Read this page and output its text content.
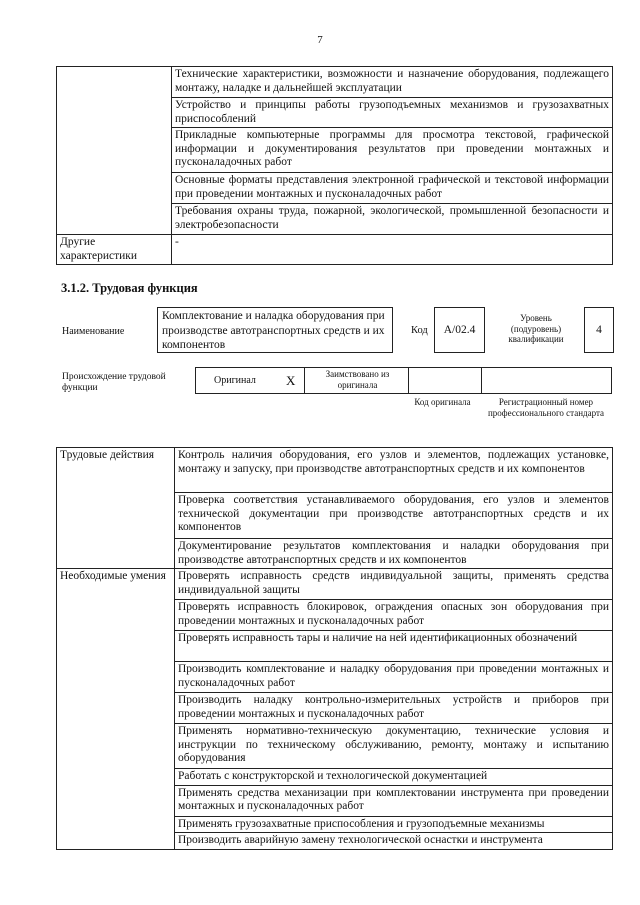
7
	Технические характеристики, возможности и назначение оборудования, подлежащего монтажу, наладке и дальнейшей эксплуатации
	Устройство и принципы работы грузоподъемных механизмов и грузозахватных приспособлений
	Прикладные компьютерные программы для просмотра текстовой, графической информации и документирования результатов при проведении монтажных и пусконаладочных работ
	Основные форматы представления электронной графической и текстовой информации при проведении монтажных и пусконаладочных работ
	Требования охраны труда, пожарной, экологической, промышленной безопасности и электробезопасности
Другие характеристики	-
3.1.2. Трудовая функция
Наименование
Комплектование и наладка оборудования при производстве автотранспортных средств и их компонентов
Код A/02.4
Уровень (подуровень) квалификации
4
Происхождение трудовой функции
Оригинал X	Заимствовано из оригинала
Код оригинала	Регистрационный номер профессионального стандарта
Трудовые действия	Контроль наличия оборудования, его узлов и элементов, подлежащих установке, монтажу и запуску, при производстве автотранспортных средств и их компонентов
	Проверка соответствия устанавливаемого оборудования, его узлов и элементов технической документации при производстве автотранспортных средств и их компонентов
	Документирование результатов комплектования и наладки оборудования при производстве автотранспортных средств и их компонентов
Необходимые умения	Проверять исправность средств индивидуальной защиты, применять средства индивидуальной защиты
	Проверять исправность блокировок, ограждения опасных зон оборудования при проведении монтажных и пусконаладочных работ
	Проверять исправность тары и наличие на ней идентификационных обозначений
	Производить комплектование и наладку оборудования при проведении монтажных и пусконаладочных работ
	Производить наладку контрольно-измерительных устройств и приборов при проведении монтажных и пусконаладочных работ
	Применять нормативно-техническую документацию, технические условия и инструкции по техническому обслуживанию, ремонту, монтажу и испытанию оборудования
	Работать с конструкторской и технологической документацией
	Применять средства механизации при комплектовании инструмента при проведении монтажных и пусконаладочных работ
	Применять грузозахватные приспособления и грузоподъемные механизмы
	Производить аварийную замену технологической оснастки и инструмента
